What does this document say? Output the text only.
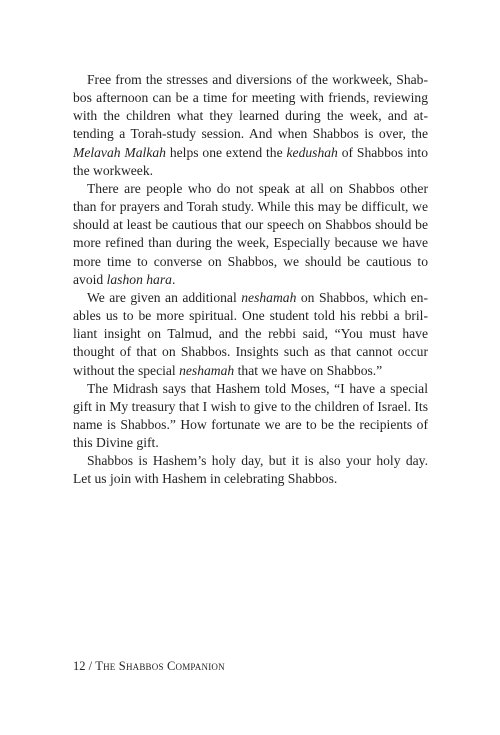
Free from the stresses and diversions of the workweek, Shabbos afternoon can be a time for meeting with friends, reviewing with the children what they learned during the week, and attending a Torah-study session. And when Shabbos is over, the Melavah Malkah helps one extend the kedushah of Shabbos into the workweek.

There are people who do not speak at all on Shabbos other than for prayers and Torah study. While this may be difficult, we should at least be cautious that our speech on Shabbos should be more refined than during the week, Especially because we have more time to converse on Shabbos, we should be cautious to avoid lashon hara.

We are given an additional neshamah on Shabbos, which enables us to be more spiritual. One student told his rebbi a brilliant insight on Talmud, and the rebbi said, “You must have thought of that on Shabbos. Insights such as that cannot occur without the special neshamah that we have on Shabbos.”

The Midrash says that Hashem told Moses, “I have a special gift in My treasury that I wish to give to the children of Israel. Its name is Shabbos.” How fortunate we are to be the recipients of this Divine gift.

Shabbos is Hashem’s holy day, but it is also your holy day. Let us join with Hashem in celebrating Shabbos.

12 / The Shabbos Companion
